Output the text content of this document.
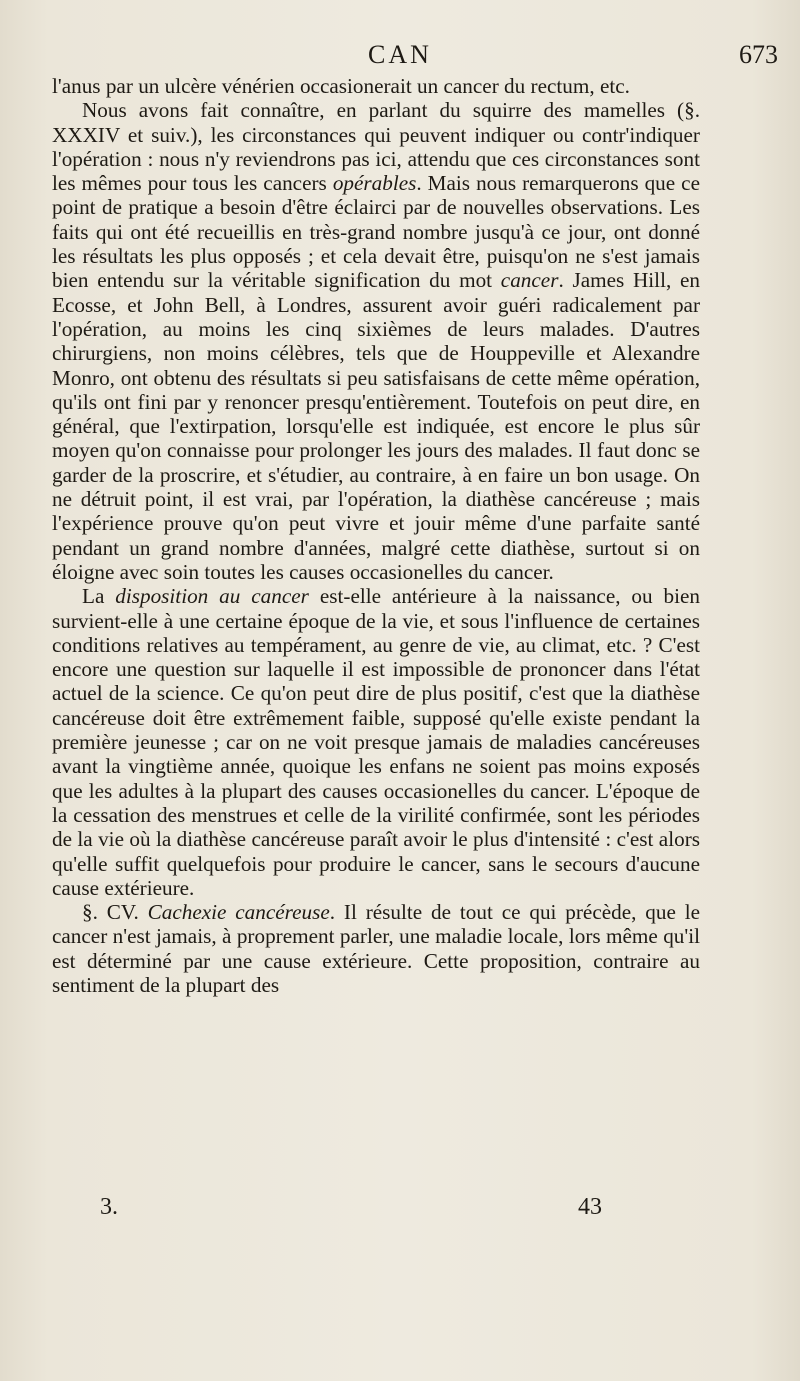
CAN	673

l'anus par un ulcère vénérien occasionerait un cancer du rectum, etc.

Nous avons fait connaître, en parlant du squirre des mamelles (§. XXXIV et suiv.), les circonstances qui peuvent indiquer ou contr'indiquer l'opération : nous n'y reviendrons pas ici, attendu que ces circonstances sont les mêmes pour tous les cancers opérables. Mais nous remarquerons que ce point de pratique a besoin d'être éclairci par de nouvelles observations. Les faits qui ont été recueillis en très-grand nombre jusqu'à ce jour, ont donné les résultats les plus opposés ; et cela devait être, puisqu'on ne s'est jamais bien entendu sur la véritable signification du mot cancer. James Hill, en Ecosse, et John Bell, à Londres, assurent avoir guéri radicalement par l'opération, au moins les cinq sixièmes de leurs malades. D'autres chirurgiens, non moins célèbres, tels que de Houppeville et Alexandre Monro, ont obtenu des résultats si peu satisfaisans de cette même opération, qu'ils ont fini par y renoncer presqu'entièrement. Toutefois on peut dire, en général, que l'extirpation, lorsqu'elle est indiquée, est encore le plus sûr moyen qu'on connaisse pour prolonger les jours des malades. Il faut donc se garder de la proscrire, et s'étudier, au contraire, à en faire un bon usage. On ne détruit point, il est vrai, par l'opération, la diathèse cancéreuse ; mais l'expérience prouve qu'on peut vivre et jouir même d'une parfaite santé pendant un grand nombre d'années, malgré cette diathèse, surtout si on éloigne avec soin toutes les causes occasionelles du cancer.

La disposition au cancer est-elle antérieure à la naissance, ou bien survient-elle à une certaine époque de la vie, et sous l'influence de certaines conditions relatives au tempérament, au genre de vie, au climat, etc. ? C'est encore une question sur laquelle il est impossible de prononcer dans l'état actuel de la science. Ce qu'on peut dire de plus positif, c'est que la diathèse cancéreuse doit être extrêmement faible, supposé qu'elle existe pendant la première jeunesse ; car on ne voit presque jamais de maladies cancéreuses avant la vingtième année, quoique les enfans ne soient pas moins exposés que les adultes à la plupart des causes occasionelles du cancer. L'époque de la cessation des menstrues et celle de la virilité confirmée, sont les périodes de la vie où la diathèse cancéreuse paraît avoir le plus d'intensité : c'est alors qu'elle suffit quelquefois pour produire le cancer, sans le secours d'aucune cause extérieure.

§. CV. Cachexie cancéreuse. Il résulte de tout ce qui précède, que le cancer n'est jamais, à proprement parler, une maladie locale, lors même qu'il est déterminé par une cause extérieure. Cette proposition, contraire au sentiment de la plupart des

3.	43
